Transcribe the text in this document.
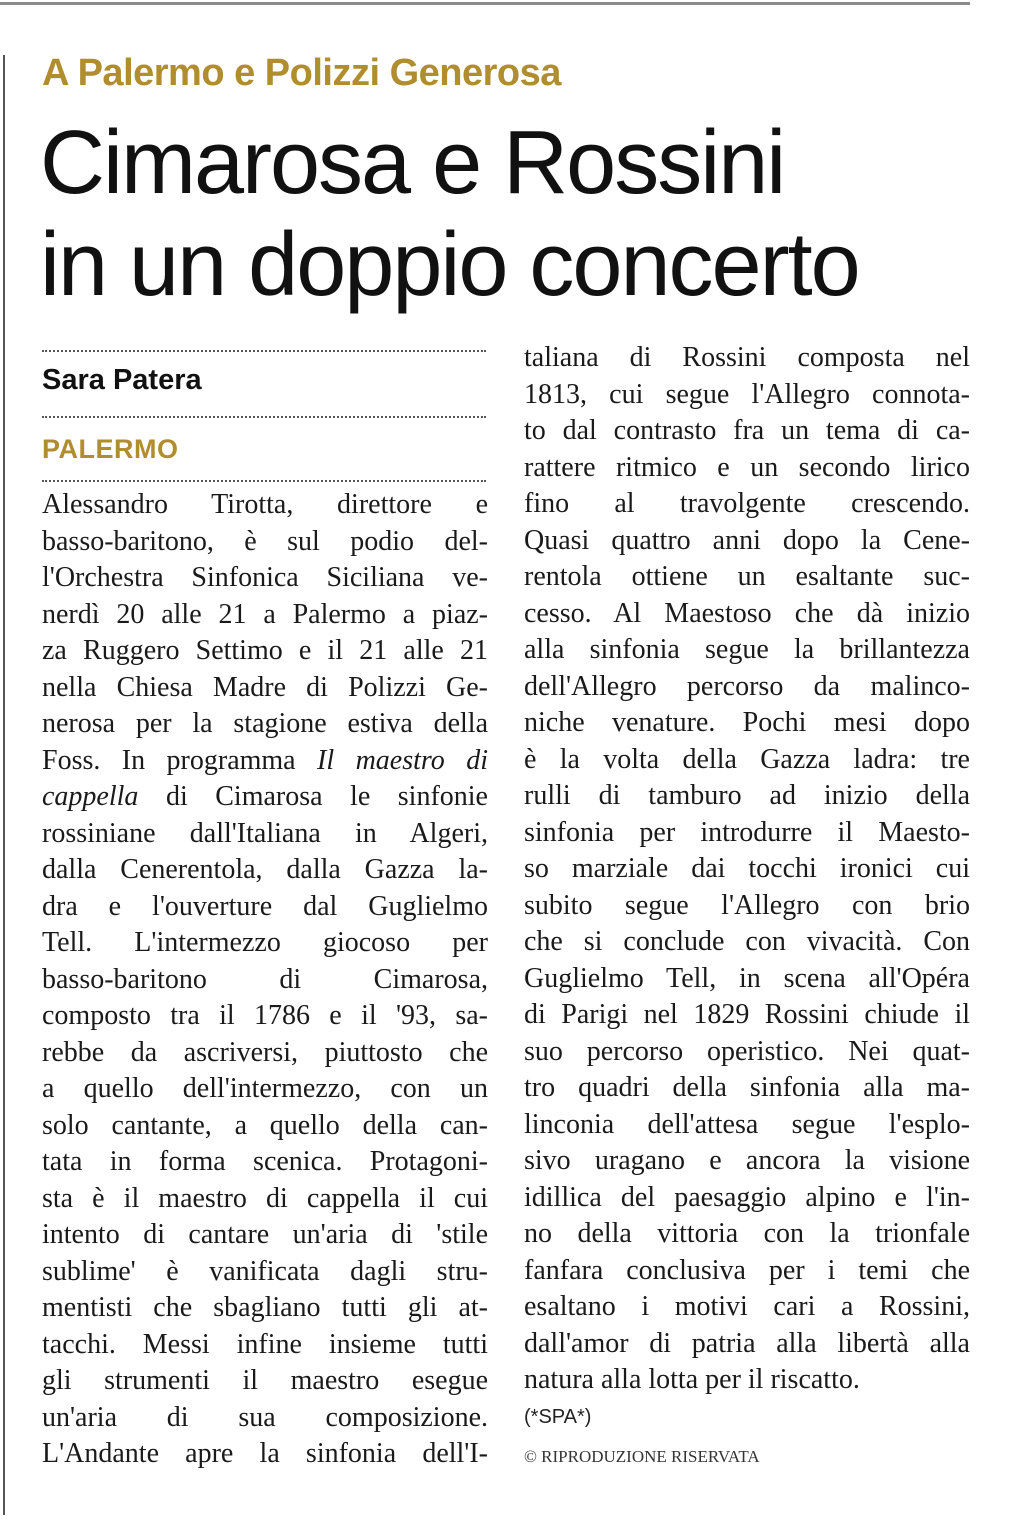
A Palermo e Polizzi Generosa
Cimarosa e Rossini
in un doppio concerto
Sara Patera
PALERMO
Alessandro Tirotta, direttore e
basso-baritono, è sul podio del-
l'Orchestra Sinfonica Siciliana ve-
nerdì 20 alle 21 a Palermo a piaz-
za Ruggero Settimo e il 21 alle 21
nella Chiesa Madre di Polizzi Ge-
nerosa per la stagione estiva della
Foss. In programma Il maestro di
cappella di Cimarosa le sinfonie
rossiniane dall'Italiana in Algeri,
dalla Cenerentola, dalla Gazza la-
dra e l'ouverture dal Guglielmo
Tell. L'intermezzo giocoso per
basso-baritono di Cimarosa,
composto tra il 1786 e il '93, sa-
rebbe da ascriversi, piuttosto che
a quello dell'intermezzo, con un
solo cantante, a quello della can-
tata in forma scenica. Protagoni-
sta è il maestro di cappella il cui
intento di cantare un'aria di 'stile
sublime' è vanificata dagli stru-
mentisti che sbagliano tutti gli at-
tacchi. Messi infine insieme tutti
gli strumenti il maestro esegue
un'aria di sua composizione.
L'Andante apre la sinfonia dell'I-
taliana di Rossini composta nel
1813, cui segue l'Allegro connota-
to dal contrasto fra un tema di ca-
rattere ritmico e un secondo lirico
fino al travolgente crescendo.
Quasi quattro anni dopo la Cene-
rentola ottiene un esaltante suc-
cesso. Al Maestoso che dà inizio
alla sinfonia segue la brillantezza
dell'Allegro percorso da malinco-
niche venature. Pochi mesi dopo
è la volta della Gazza ladra: tre
rulli di tamburo ad inizio della
sinfonia per introdurre il Maesto-
so marziale dai tocchi ironici cui
subito segue l'Allegro con brio
che si conclude con vivacità. Con
Guglielmo Tell, in scena all'Opéra
di Parigi nel 1829 Rossini chiude il
suo percorso operistico. Nei quat-
tro quadri della sinfonia alla ma-
linconia dell'attesa segue l'esplo-
sivo uragano e ancora la visione
idillica del paesaggio alpino e l'in-
no della vittoria con la trionfale
fanfara conclusiva per i temi che
esaltano i motivi cari a Rossini,
dall'amor di patria alla libertà alla
natura alla lotta per il riscatto.
(*SPA*)
© RIPRODUZIONE RISERVATA
